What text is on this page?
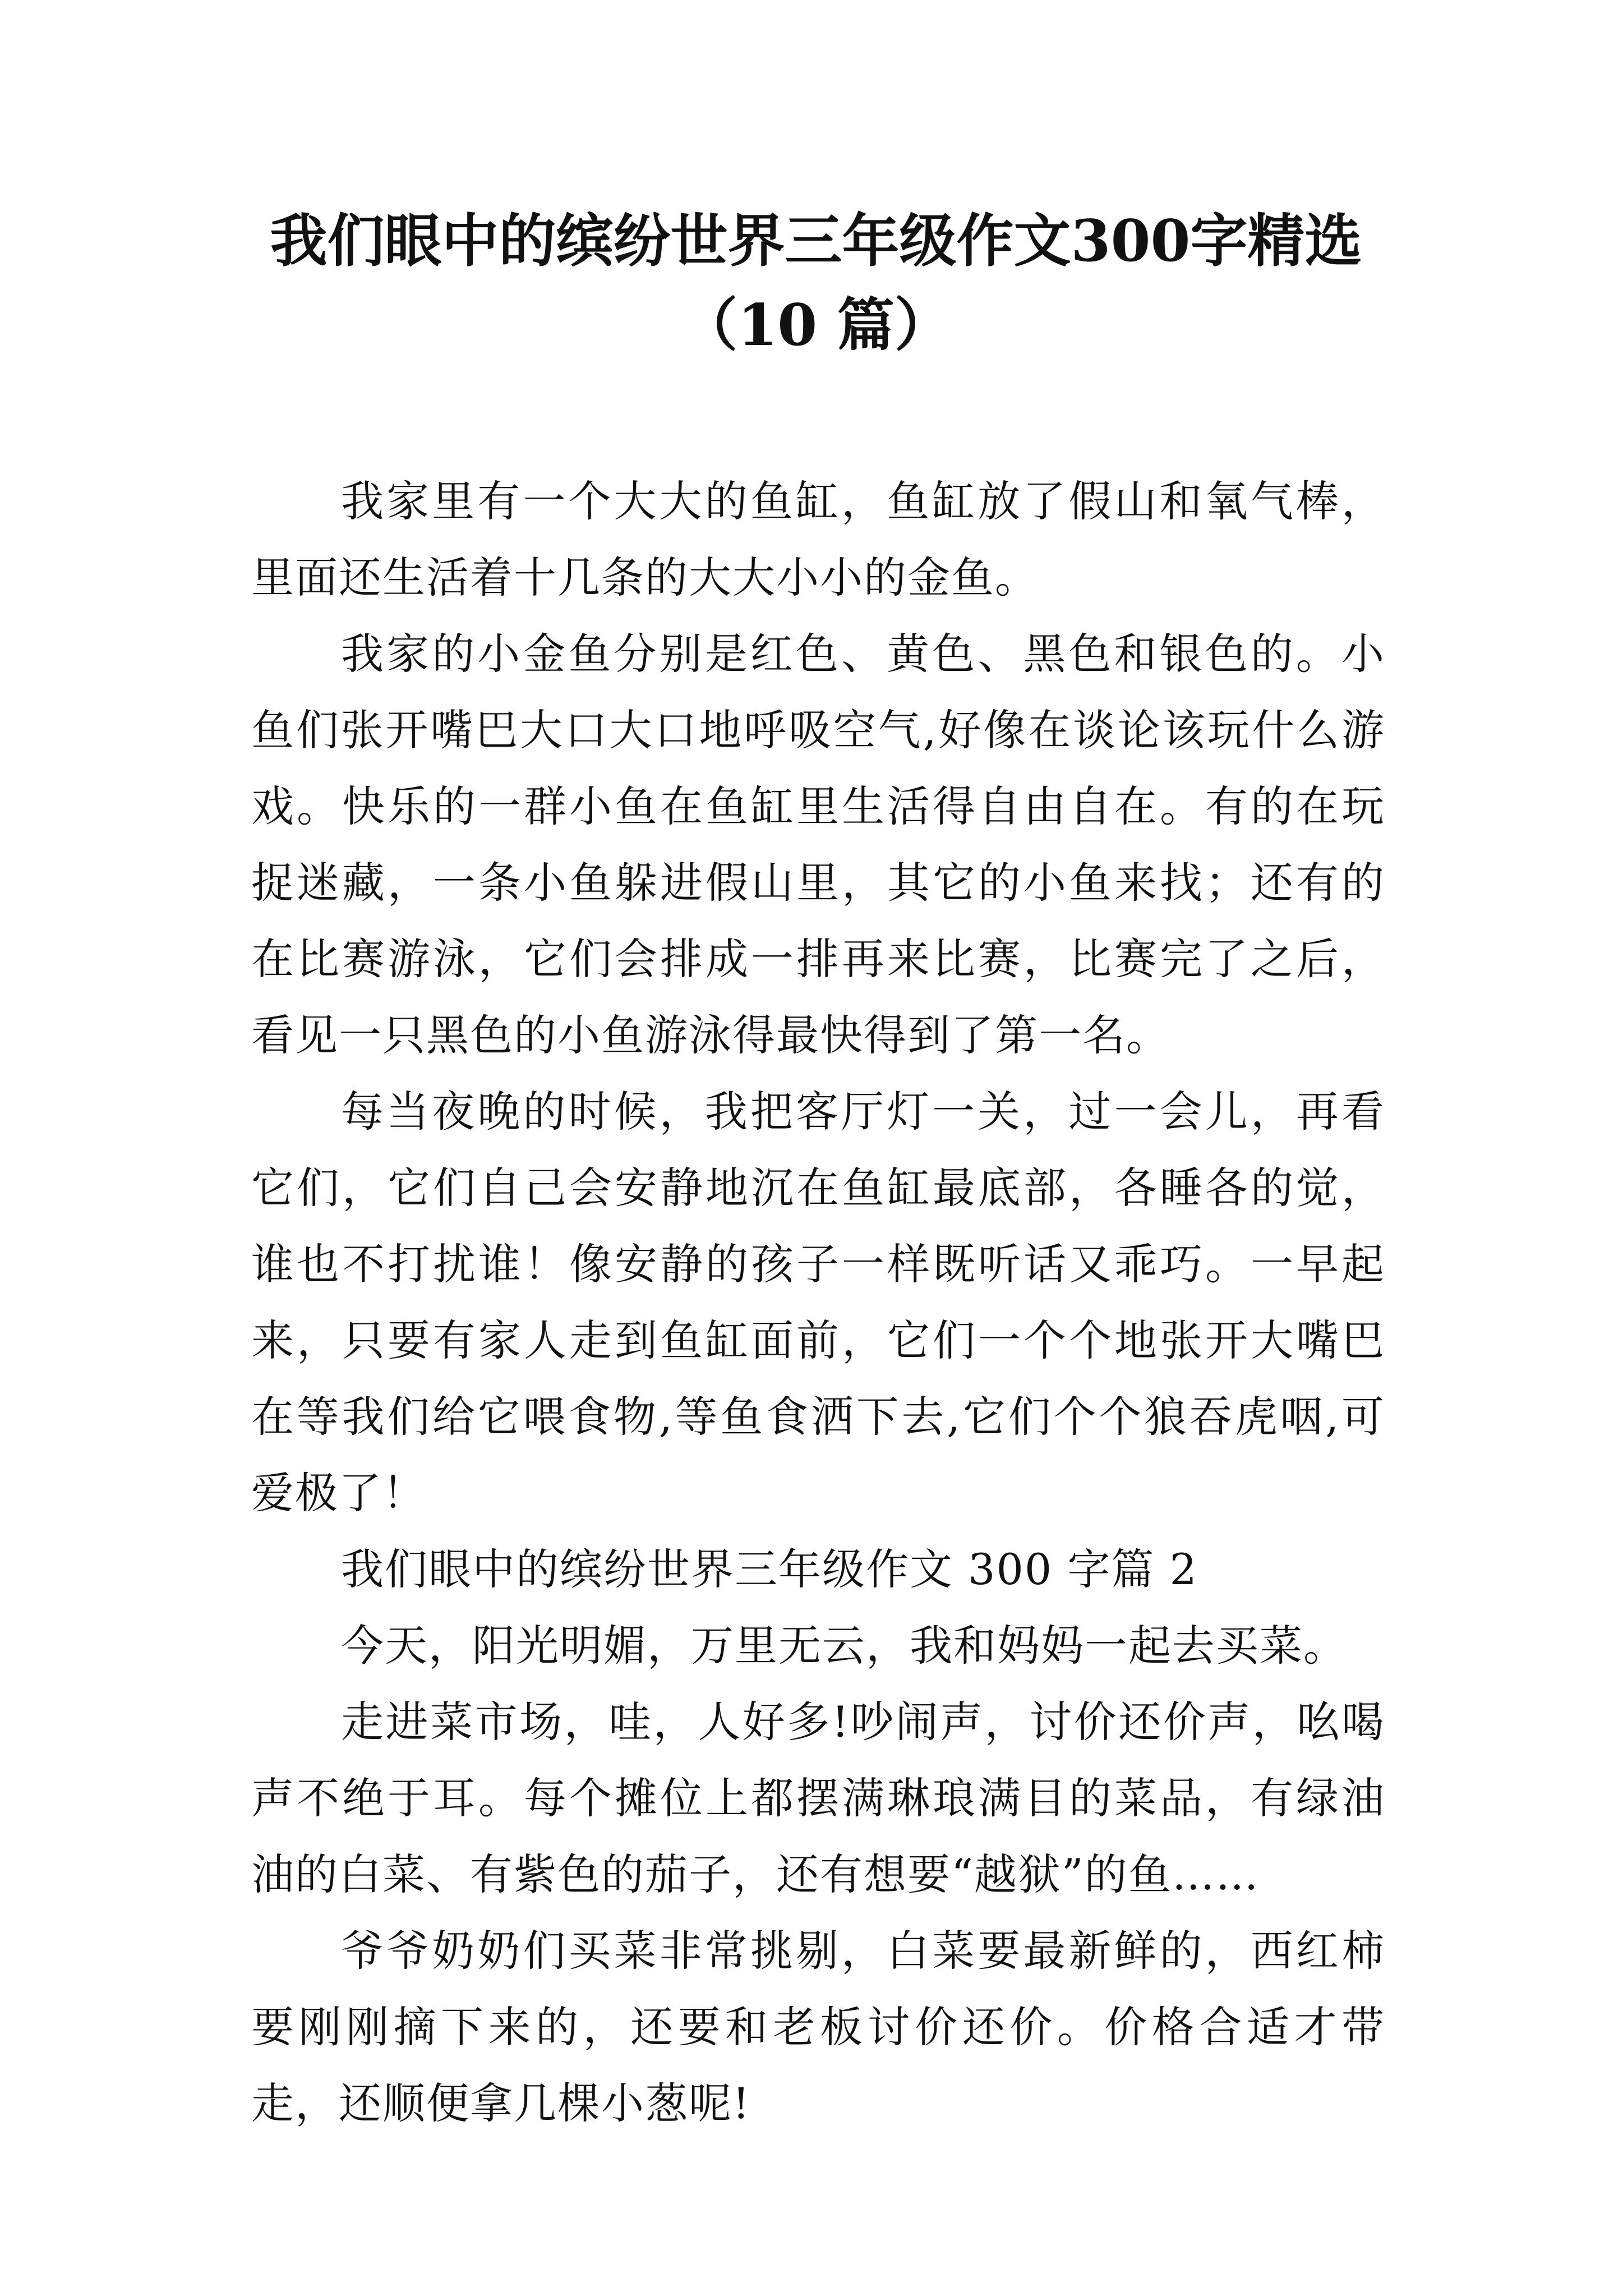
我们眼中的缤纷世界三年级作文300字精选
（10 篇）

我家里有一个大大的鱼缸，鱼缸放了假山和氧气棒，里面还生活着十几条的大大小小的金鱼。

我家的小金鱼分别是红色、黄色、黑色和银色的。小鱼们张开嘴巴大口大口地呼吸空气,好像在谈论该玩什么游戏。快乐的一群小鱼在鱼缸里生活得自由自在。有的在玩捉迷藏，一条小鱼躲进假山里，其它的小鱼来找；还有的在比赛游泳，它们会排成一排再来比赛，比赛完了之后，看见一只黑色的小鱼游泳得最快得到了第一名。

每当夜晚的时候，我把客厅灯一关，过一会儿，再看它们，它们自己会安静地沉在鱼缸最底部，各睡各的觉，谁也不打扰谁！像安静的孩子一样既听话又乖巧。一早起来，只要有家人走到鱼缸面前，它们一个个地张开大嘴巴在等我们给它喂食物,等鱼食洒下去,它们个个狼吞虎咽,可爱极了！

我们眼中的缤纷世界三年级作文 300 字篇 2

今天，阳光明媚，万里无云，我和妈妈一起去买菜。

走进菜市场，哇，人好多!吵闹声，讨价还价声，吆喝声不绝于耳。每个摊位上都摆满琳琅满目的菜品，有绿油油的白菜、有紫色的茄子，还有想要“越狱”的鱼……

爷爷奶奶们买菜非常挑剔，白菜要最新鲜的，西红柿要刚刚摘下来的，还要和老板讨价还价。价格合适才带走，还顺便拿几棵小葱呢!
